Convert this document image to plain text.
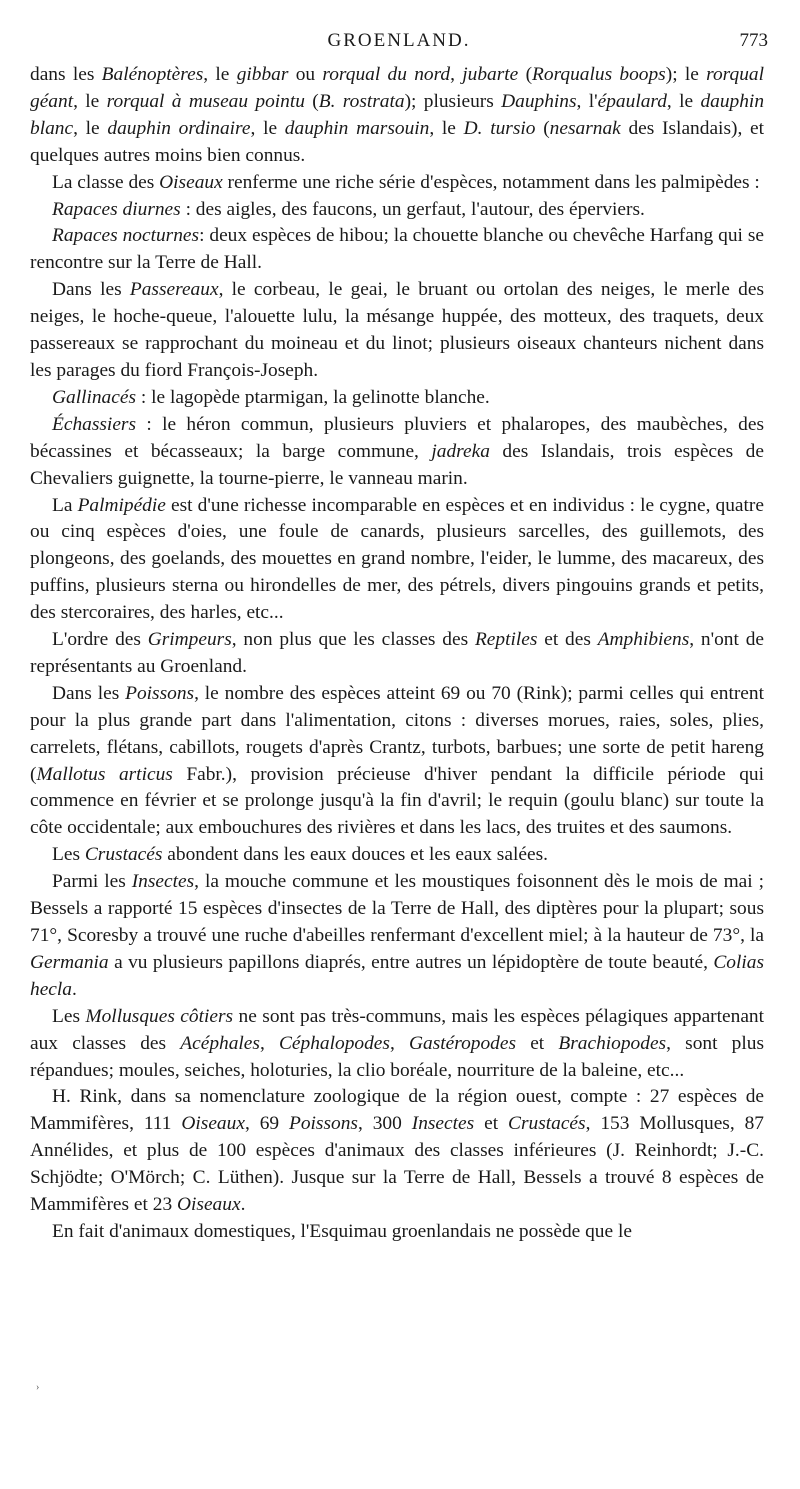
GROENLAND.	773

dans les Balénoptères, le gibbar ou rorqual du nord, jubarte (Rorqualus boops); le rorqual géant, le rorqual à museau pointu (B. rostrata); plusieurs Dauphins, l'épaulard, le dauphin blanc, le dauphin ordinaire, le dauphin marsouin, le D. tursio (nesarnak des Islandais), et quelques autres moins bien connus.

La classe des Oiseaux renferme une riche série d'espèces, notamment dans les palmipèdes :

Rapaces diurnes : des aigles, des faucons, un gerfaut, l'autour, des éperviers.

Rapaces nocturnes: deux espèces de hibou; la chouette blanche ou chevêche Harfang qui se rencontre sur la Terre de Hall.

Dans les Passereaux, le corbeau, le geai, le bruant ou ortolan des neiges, le merle des neiges, le hoche-queue, l'alouette lulu, la mésange huppée, des motteux, des traquets, deux passereaux se rapprochant du moineau et du linot; plusieurs oiseaux chanteurs nichent dans les parages du fiord François-Joseph.

Gallinacés : le lagopède ptarmigan, la gelinotte blanche.

Échassiers : le héron commun, plusieurs pluviers et phalaropes, des maubèches, des bécassines et bécasseaux; la barge commune, jadreka des Islandais, trois espèces de Chevaliers guignette, la tourne-pierre, le vanneau marin.

La Palmipédie est d'une richesse incomparable en espèces et en individus : le cygne, quatre ou cinq espèces d'oies, une foule de canards, plusieurs sarcelles, des guillemots, des plongeons, des goelands, des mouettes en grand nombre, l'eider, le lumme, des macareux, des puffins, plusieurs sterna ou hirondelles de mer, des pétrels, divers pingouins grands et petits, des stercoraires, des harles, etc...

L'ordre des Grimpeurs, non plus que les classes des Reptiles et des Amphibiens, n'ont de représentants au Groenland.

Dans les Poissons, le nombre des espèces atteint 69 ou 70 (Rink); parmi celles qui entrent pour la plus grande part dans l'alimentation, citons : diverses morues, raies, soles, plies, carrelets, flétans, cabillots, rougets d'après Crantz, turbots, barbues; une sorte de petit hareng (Mallotus articus Fabr.), provision précieuse d'hiver pendant la difficile période qui commence en février et se prolonge jusqu'à la fin d'avril; le requin (goulu blanc) sur toute la côte occidentale; aux embouchures des rivières et dans les lacs, des truites et des saumons.

Les Crustacés abondent dans les eaux douces et les eaux salées.

Parmi les Insectes, la mouche commune et les moustiques foisonnent dès le mois de mai ; Bessels a rapporté 15 espèces d'insectes de la Terre de Hall, des diptères pour la plupart; sous 71°, Scoresby a trouvé une ruche d'abeilles renfermant d'excellent miel; à la hauteur de 73°, la Germania a vu plusieurs papillons diaprés, entre autres un lépidoptère de toute beauté, Colias hecla.

Les Mollusques côtiers ne sont pas très-communs, mais les espèces pélagiques appartenant aux classes des Acéphales, Céphalopodes, Gastéropodes et Brachiopodes, sont plus répandues; moules, seiches, holoturies, la clio boréale, nourriture de la baleine, etc...

H. Rink, dans sa nomenclature zoologique de la région ouest, compte : 27 espèces de Mammifères, 111 Oiseaux, 69 Poissons, 300 Insectes et Crustacés, 153 Mollusques, 87 Annélides, et plus de 100 espèces d'animaux des classes inférieures (J. Reinhordt; J.-C. Schjödte; O'Mörch; C. Lüthen). Jusque sur la Terre de Hall, Bessels a trouvé 8 espèces de Mammifères et 23 Oiseaux.

En fait d'animaux domestiques, l'Esquimau groenlandais ne possède que le

›
